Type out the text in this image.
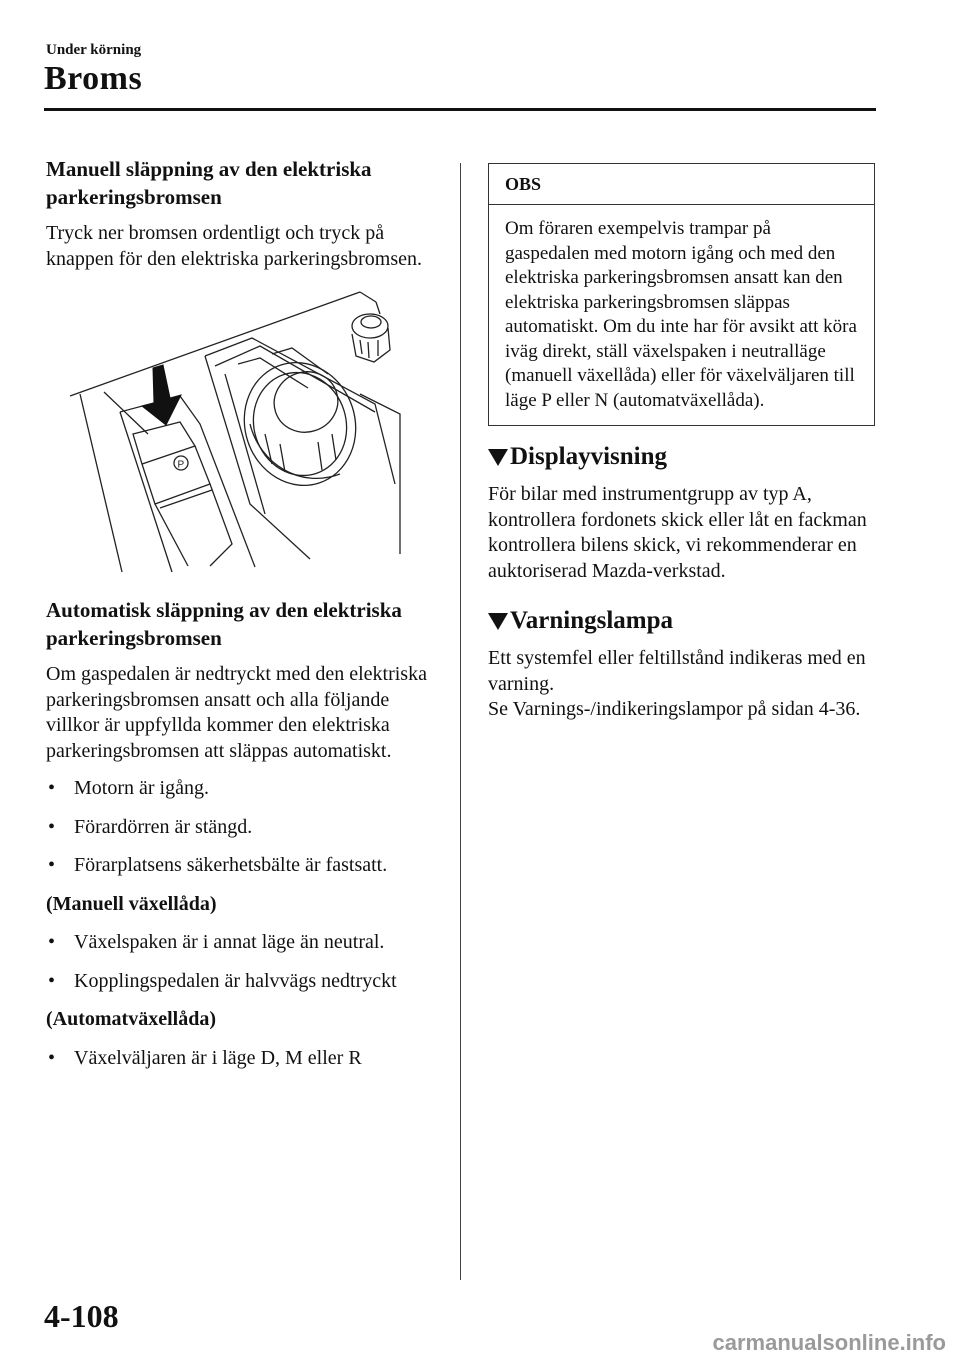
Under körning
Broms
Manuell släppning av den elektriska parkeringsbromsen
Tryck ner bromsen ordentligt och tryck på knappen för den elektriska parkeringsbromsen.
P
Automatisk släppning av den elektriska parkeringsbromsen
Om gaspedalen är nedtryckt med den elektriska parkeringsbromsen ansatt och alla följande villkor är uppfyllda kommer den elektriska parkeringsbromsen att släppas automatiskt.
• Motorn är igång.
• Förardörren är stängd.
• Förarplatsens säkerhetsbälte är fastsatt.
(Manuell växellåda)
• Växelspaken är i annat läge än neutral.
• Kopplingspedalen är halvvägs nedtryckt
(Automatväxellåda)
• Växelväljaren är i läge D, M eller R
OBS
Om föraren exempelvis trampar på gaspedalen med motorn igång och med den elektriska parkeringsbromsen ansatt kan den elektriska parkeringsbromsen släppas automatiskt. Om du inte har för avsikt att köra iväg direkt, ställ växelspaken i neutralläge (manuell växellåda) eller för växelväljaren till läge P eller N (automatväxellåda).
Displayvisning
För bilar med instrumentgrupp av typ A, kontrollera fordonets skick eller låt en fackman kontrollera bilens skick, vi rekommenderar en auktoriserad Mazda-verkstad.
Varningslampa
Ett systemfel eller feltillstånd indikeras med en varning.
Se Varnings-/indikeringslampor på sidan 4-36.
4-108
carmanualsonline.info
